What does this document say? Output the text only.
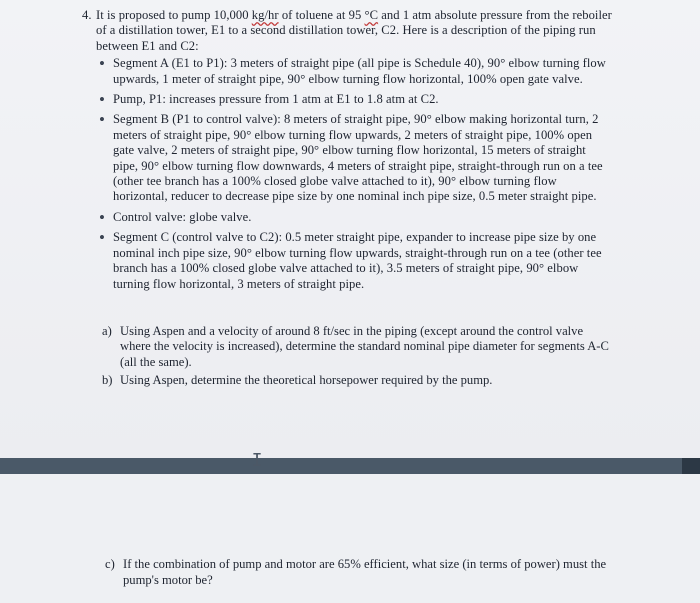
4. It is proposed to pump 10,000 kg/hr of toluene at 95 °C and 1 atm absolute pressure from the reboiler of a distillation tower, E1 to a second distillation tower, C2. Here is a description of the piping run between E1 and C2:
• Segment A (E1 to P1): 3 meters of straight pipe (all pipe is Schedule 40), 90° elbow turning flow upwards, 1 meter of straight pipe, 90° elbow turning flow horizontal, 100% open gate valve.
• Pump, P1: increases pressure from 1 atm at E1 to 1.8 atm at C2.
• Segment B (P1 to control valve): 8 meters of straight pipe, 90° elbow making horizontal turn, 2 meters of straight pipe, 90° elbow turning flow upwards, 2 meters of straight pipe, 100% open gate valve, 2 meters of straight pipe, 90° elbow turning flow horizontal, 15 meters of straight pipe, 90° elbow turning flow downwards, 4 meters of straight pipe, straight-through run on a tee (other tee branch has a 100% closed globe valve attached to it), 90° elbow turning flow horizontal, reducer to decrease pipe size by one nominal inch pipe size, 0.5 meter straight pipe.
• Control valve: globe valve.
• Segment C (control valve to C2): 0.5 meter straight pipe, expander to increase pipe size by one nominal inch pipe size, 90° elbow turning flow upwards, straight-through run on a tee (other tee branch has a 100% closed globe valve attached to it), 3.5 meters of straight pipe, 90° elbow turning flow horizontal, 3 meters of straight pipe.
a) Using Aspen and a velocity of around 8 ft/sec in the piping (except around the control valve where the velocity is increased), determine the standard nominal pipe diameter for segments A-C (all the same).
b) Using Aspen, determine the theoretical horsepower required by the pump.
I
c) If the combination of pump and motor are 65% efficient, what size (in terms of power) must the pump's motor be?
